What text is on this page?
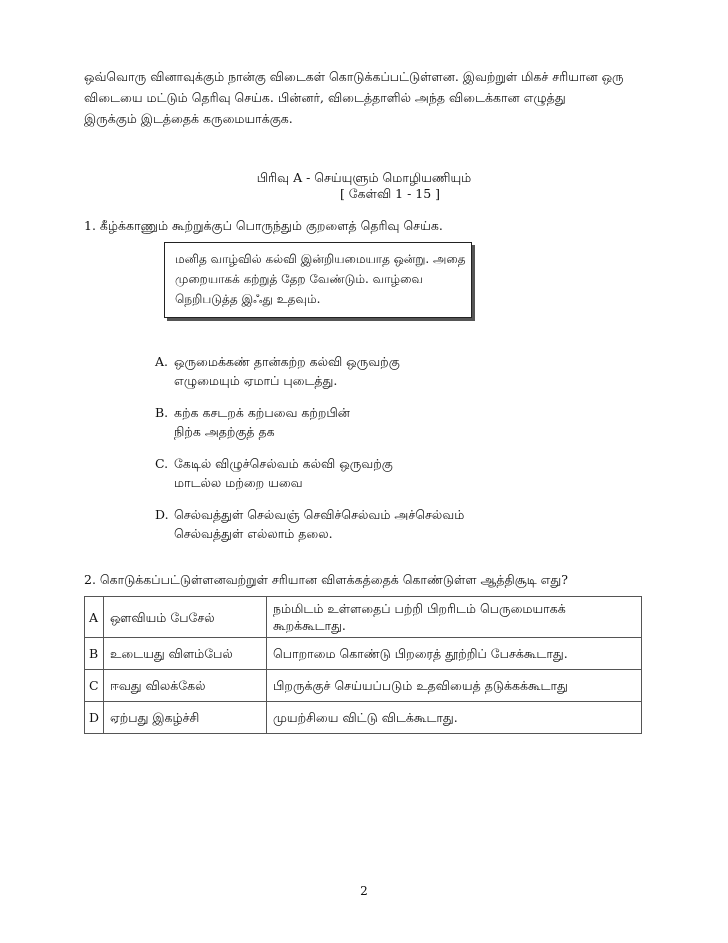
ஒவ்வொரு வினாவுக்கும் நான்கு விடைகள் கொடுக்கப்பட்டுள்ளன. இவற்றுள் மிகச் சரியான ஒரு
விடையை மட்டும் தெரிவு செய்க. பின்னர், விடைத்தாளில் அந்த விடைக்கான எழுத்து
இருக்கும் இடத்தைக் கருமையாக்குக.
பிரிவு A - செய்யுளும் மொழியணியும்
[ கேள்வி 1 - 15 ]
1. கீழ்க்காணும் கூற்றுக்குப் பொருந்தும் குறளைத் தெரிவு செய்க.
மனித வாழ்வில் கல்வி இன்றியமையாத ஒன்று. அதை
முறையாகக் கற்றுத் தேற வேண்டும். வாழ்வை
நெறிபடுத்த இஃது உதவும்.
A. ஒருமைக்கண் தான்கற்ற கல்வி ஒருவற்கு
எழுமையும் ஏமாப் புடைத்து.
B. கற்க கசடறக் கற்பவை கற்றபின்
நிற்க அதற்குத் தக
C. கேடில் விழுச்செல்வம் கல்வி ஒருவற்கு
மாடல்ல மற்றை யவை
D. செல்வத்துள் செல்வஞ் செவிச்செல்வம் அச்செல்வம்
செல்வத்துள் எல்லாம் தலை.
2. கொடுக்கப்பட்டுள்ளனவற்றுள் சரியான விளக்கத்தைக் கொண்டுள்ள ஆத்திசூடி எது?
A	ஔவியம் பேசேல்	நம்மிடம் உள்ளதைப் பற்றி பிறரிடம் பெருமையாகக்
கூறக்கூடாது.

B	உடையது விளம்பேல்	பொறாமை கொண்டு பிறரைத் தூற்றிப் பேசக்கூடாது.
C	ஈவது விலக்கேல்	பிறருக்குச் செய்யப்படும் உதவியைத் தடுக்கக்கூடாது
D	ஏற்பது இகழ்ச்சி	முயற்சியை விட்டு விடக்கூடாது.
2
